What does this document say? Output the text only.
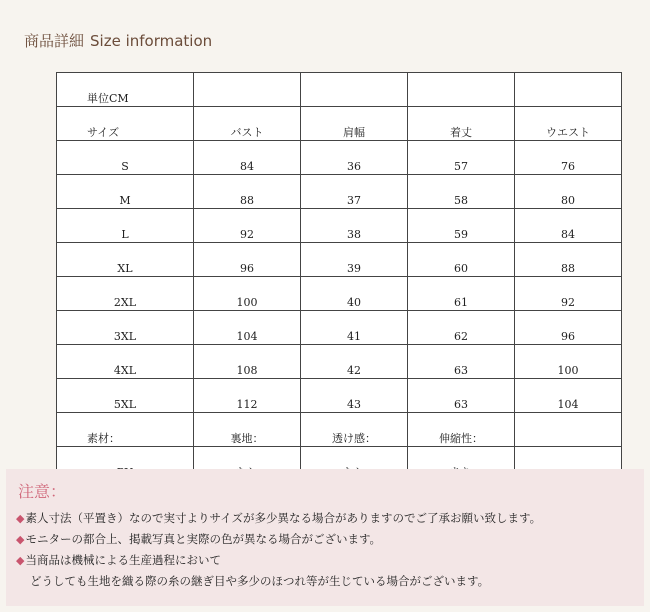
商品詳細 Size information
単位CM				
サイズ	バスト	肩幅	着丈	ウエスト
S	84	36	57	76
M	88	37	58	80
L	92	38	59	84
XL	96	39	60	88
2XL	100	40	61	92
3XL	104	41	62	96
4XL	108	42	63	100
5XL	112	43	63	104
素材：	裏地：	透け感：	伸縮性：	

注意：
◆素人寸法（平置き）なので実寸よりサイズが多少異なる場合がありますのでご了承お願い致します。
◆モニターの都合上、掲載写真と実際の色が異なる場合がございます。
◆当商品は機械による生産過程において
どうしても生地を織る際の糸の継ぎ目や多少のほつれ等が生じている場合がございます。
